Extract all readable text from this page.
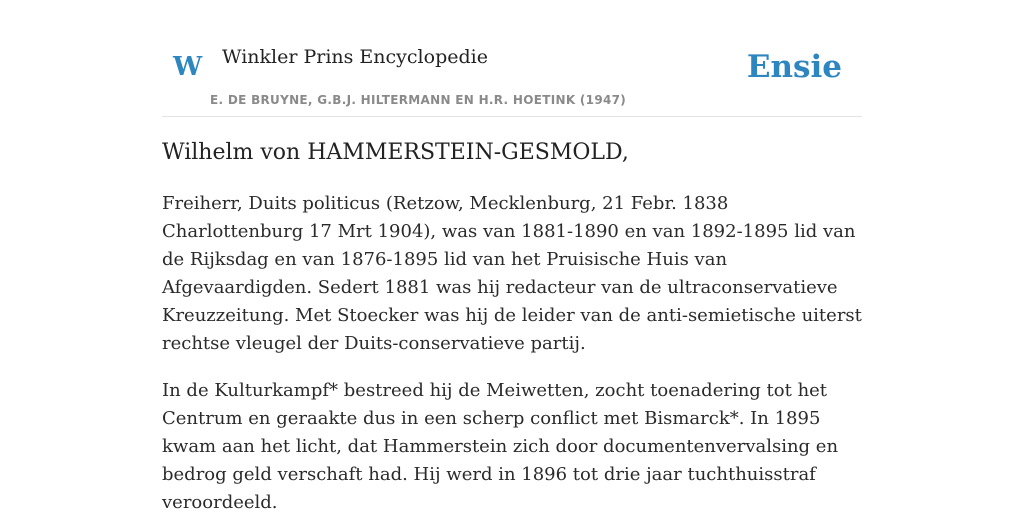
W Winkler Prins Encyclopedie
E. DE BRUYNE, G.B.J. HILTERMANN EN H.R. HOETINK (1947)
Ensie
Wilhelm von HAMMERSTEIN-GESMOLD,

Freiherr, Duits politicus (Retzow, Mecklenburg, 21 Febr. 1838 Charlottenburg 17 Mrt 1904), was van 1881-1890 en van 1892-1895 lid van de Rijksdag en van 1876-1895 lid van het Pruisische Huis van Afgevaardigden. Sedert 1881 was hij redacteur van de ultraconservatieve Kreuzzeitung. Met Stoecker was hij de leider van de anti-semietische uiterst rechtse vleugel der Duits-conservatieve partij.

In de Kulturkampf* bestreed hij de Meiwetten, zocht toenadering tot het Centrum en geraakte dus in een scherp conflict met Bismarck*. In 1895 kwam aan het licht, dat Hammerstein zich door documentenvervalsing en bedrog geld verschaft had. Hij werd in 1896 tot drie jaar tuchthuisstraf veroordeeld.
